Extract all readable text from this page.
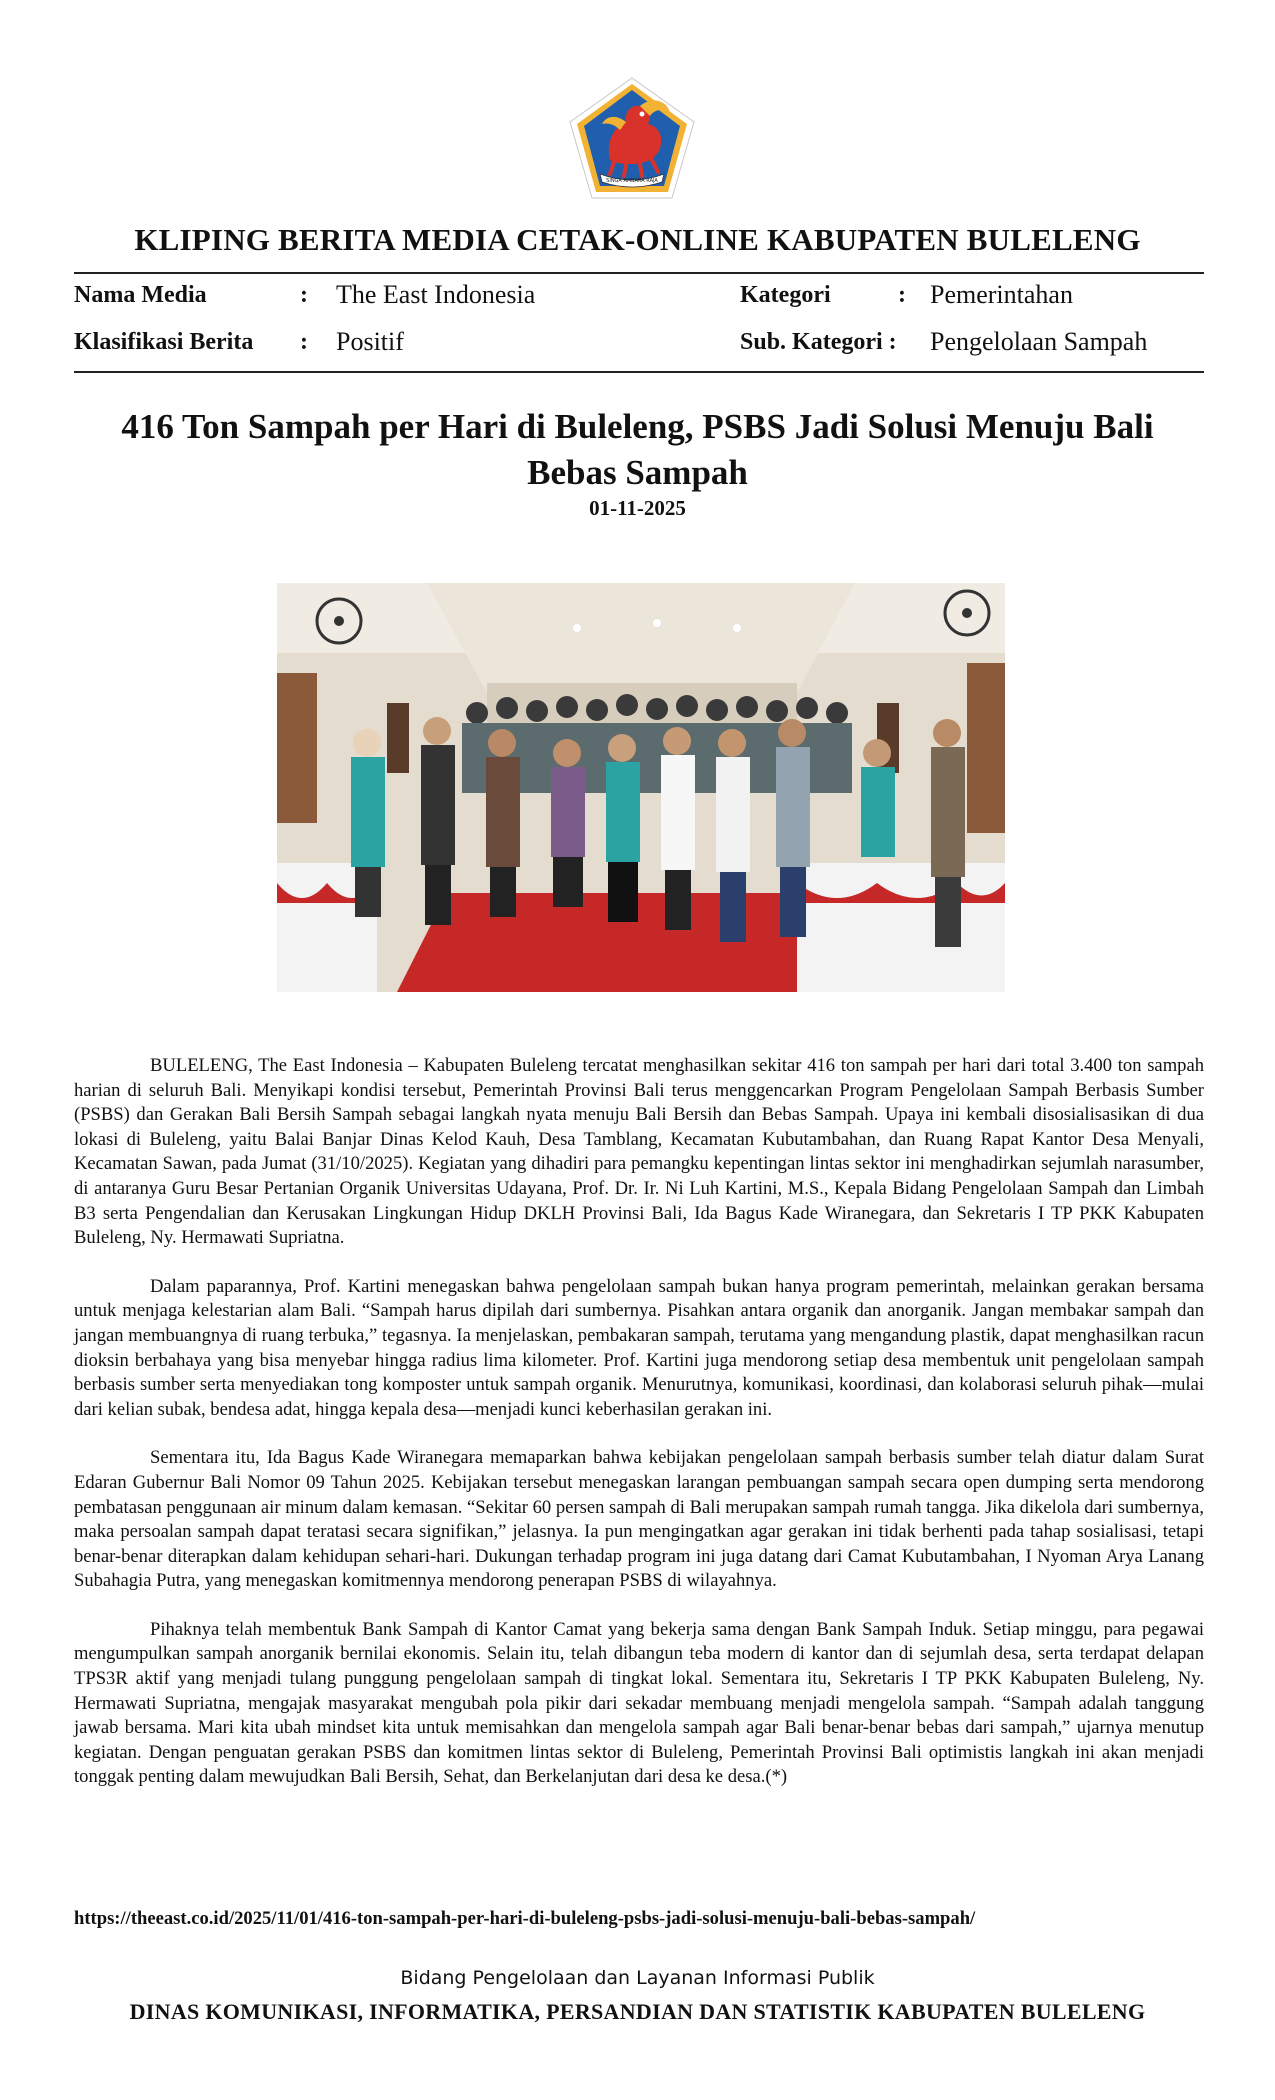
SINGA AMBARA RAJA
KLIPING BERITA MEDIA CETAK-ONLINE KABUPATEN BULELENG
Nama Media	: The East Indonesia	Kategori	: Pemerintahan
Klasifikasi Berita : Positif	Sub. Kategori : Pengelolaan Sampah
416 Ton Sampah per Hari di Buleleng, PSBS Jadi Solusi Menuju Bali Bebas Sampah
01-11-2025

BULELENG, The East Indonesia – Kabupaten Buleleng tercatat menghasilkan sekitar 416 ton sampah per hari dari total 3.400 ton sampah harian di seluruh Bali. Menyikapi kondisi tersebut, Pemerintah Provinsi Bali terus menggencarkan Program Pengelolaan Sampah Berbasis Sumber (PSBS) dan Gerakan Bali Bersih Sampah sebagai langkah nyata menuju Bali Bersih dan Bebas Sampah. Upaya ini kembali disosialisasikan di dua lokasi di Buleleng, yaitu Balai Banjar Dinas Kelod Kauh, Desa Tamblang, Kecamatan Kubutambahan, dan Ruang Rapat Kantor Desa Menyali, Kecamatan Sawan, pada Jumat (31/10/2025). Kegiatan yang dihadiri para pemangku kepentingan lintas sektor ini menghadirkan sejumlah narasumber, di antaranya Guru Besar Pertanian Organik Universitas Udayana, Prof. Dr. Ir. Ni Luh Kartini, M.S., Kepala Bidang Pengelolaan Sampah dan Limbah B3 serta Pengendalian dan Kerusakan Lingkungan Hidup DKLH Provinsi Bali, Ida Bagus Kade Wiranegara, dan Sekretaris I TP PKK Kabupaten Buleleng, Ny. Hermawati Supriatna.

Dalam paparannya, Prof. Kartini menegaskan bahwa pengelolaan sampah bukan hanya program pemerintah, melainkan gerakan bersama untuk menjaga kelestarian alam Bali. “Sampah harus dipilah dari sumbernya. Pisahkan antara organik dan anorganik. Jangan membakar sampah dan jangan membuangnya di ruang terbuka,” tegasnya. Ia menjelaskan, pembakaran sampah, terutama yang mengandung plastik, dapat menghasilkan racun dioksin berbahaya yang bisa menyebar hingga radius lima kilometer. Prof. Kartini juga mendorong setiap desa membentuk unit pengelolaan sampah berbasis sumber serta menyediakan tong komposter untuk sampah organik. Menurutnya, komunikasi, koordinasi, dan kolaborasi seluruh pihak—mulai dari kelian subak, bendesa adat, hingga kepala desa—menjadi kunci keberhasilan gerakan ini.

Sementara itu, Ida Bagus Kade Wiranegara memaparkan bahwa kebijakan pengelolaan sampah berbasis sumber telah diatur dalam Surat Edaran Gubernur Bali Nomor 09 Tahun 2025. Kebijakan tersebut menegaskan larangan pembuangan sampah secara open dumping serta mendorong pembatasan penggunaan air minum dalam kemasan. “Sekitar 60 persen sampah di Bali merupakan sampah rumah tangga. Jika dikelola dari sumbernya, maka persoalan sampah dapat teratasi secara signifikan,” jelasnya. Ia pun mengingatkan agar gerakan ini tidak berhenti pada tahap sosialisasi, tetapi benar-benar diterapkan dalam kehidupan sehari-hari. Dukungan terhadap program ini juga datang dari Camat Kubutambahan, I Nyoman Arya Lanang Subahagia Putra, yang menegaskan komitmennya mendorong penerapan PSBS di wilayahnya.

Pihaknya telah membentuk Bank Sampah di Kantor Camat yang bekerja sama dengan Bank Sampah Induk. Setiap minggu, para pegawai mengumpulkan sampah anorganik bernilai ekonomis. Selain itu, telah dibangun teba modern di kantor dan di sejumlah desa, serta terdapat delapan TPS3R aktif yang menjadi tulang punggung pengelolaan sampah di tingkat lokal. Sementara itu, Sekretaris I TP PKK Kabupaten Buleleng, Ny. Hermawati Supriatna, mengajak masyarakat mengubah pola pikir dari sekadar membuang menjadi mengelola sampah. “Sampah adalah tanggung jawab bersama. Mari kita ubah mindset kita untuk memisahkan dan mengelola sampah agar Bali benar-benar bebas dari sampah,” ujarnya menutup kegiatan. Dengan penguatan gerakan PSBS dan komitmen lintas sektor di Buleleng, Pemerintah Provinsi Bali optimistis langkah ini akan menjadi tonggak penting dalam mewujudkan Bali Bersih, Sehat, dan Berkelanjutan dari desa ke desa.(*)

https://theeast.co.id/2025/11/01/416-ton-sampah-per-hari-di-buleleng-psbs-jadi-solusi-menuju-bali-bebas-sampah/
Bidang Pengelolaan dan Layanan Informasi Publik
DINAS KOMUNIKASI, INFORMATIKA, PERSANDIAN DAN STATISTIK KABUPATEN BULELENG
